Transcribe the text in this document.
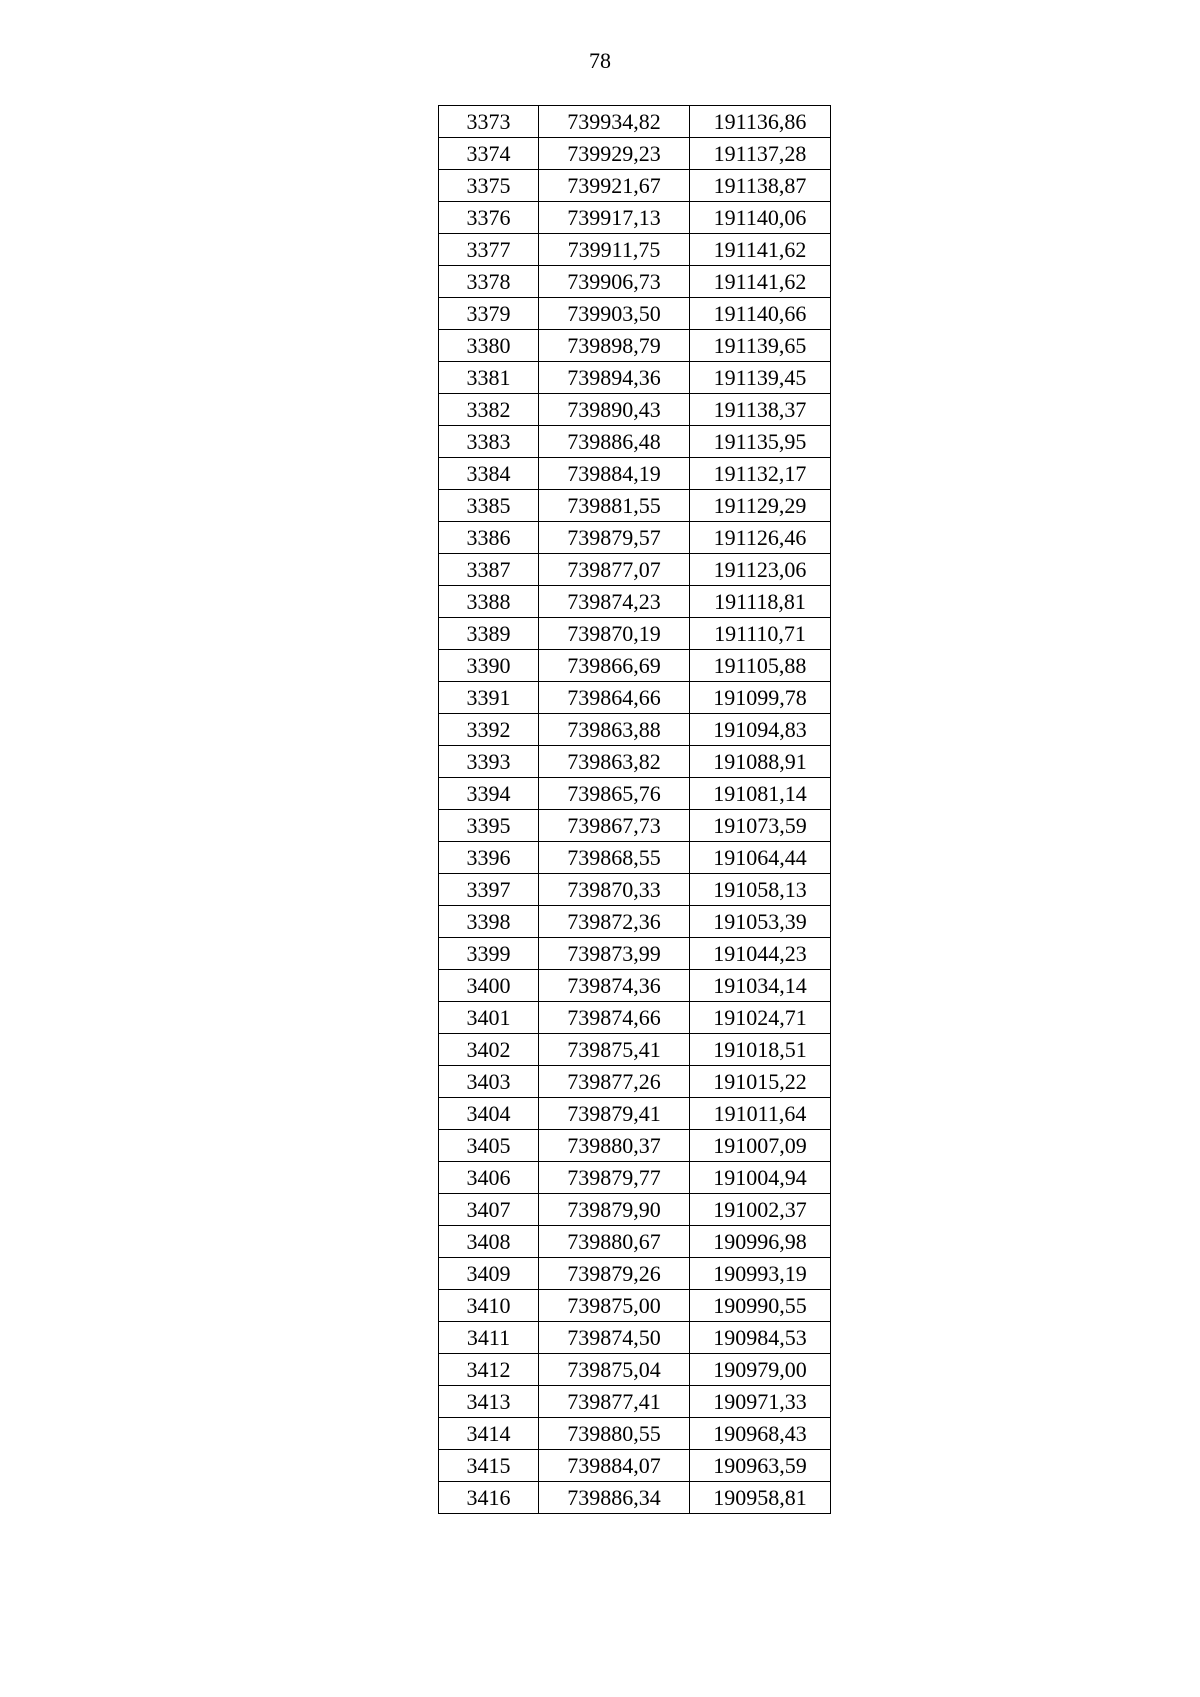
78
3373	739934,82	191136,86
3374	739929,23	191137,28
3375	739921,67	191138,87
3376	739917,13	191140,06
3377	739911,75	191141,62
3378	739906,73	191141,62
3379	739903,50	191140,66
3380	739898,79	191139,65
3381	739894,36	191139,45
3382	739890,43	191138,37
3383	739886,48	191135,95
3384	739884,19	191132,17
3385	739881,55	191129,29
3386	739879,57	191126,46
3387	739877,07	191123,06
3388	739874,23	191118,81
3389	739870,19	191110,71
3390	739866,69	191105,88
3391	739864,66	191099,78
3392	739863,88	191094,83
3393	739863,82	191088,91
3394	739865,76	191081,14
3395	739867,73	191073,59
3396	739868,55	191064,44
3397	739870,33	191058,13
3398	739872,36	191053,39
3399	739873,99	191044,23
3400	739874,36	191034,14
3401	739874,66	191024,71
3402	739875,41	191018,51
3403	739877,26	191015,22
3404	739879,41	191011,64
3405	739880,37	191007,09
3406	739879,77	191004,94
3407	739879,90	191002,37
3408	739880,67	190996,98
3409	739879,26	190993,19
3410	739875,00	190990,55
3411	739874,50	190984,53
3412	739875,04	190979,00
3413	739877,41	190971,33
3414	739880,55	190968,43
3415	739884,07	190963,59
3416	739886,34	190958,81
